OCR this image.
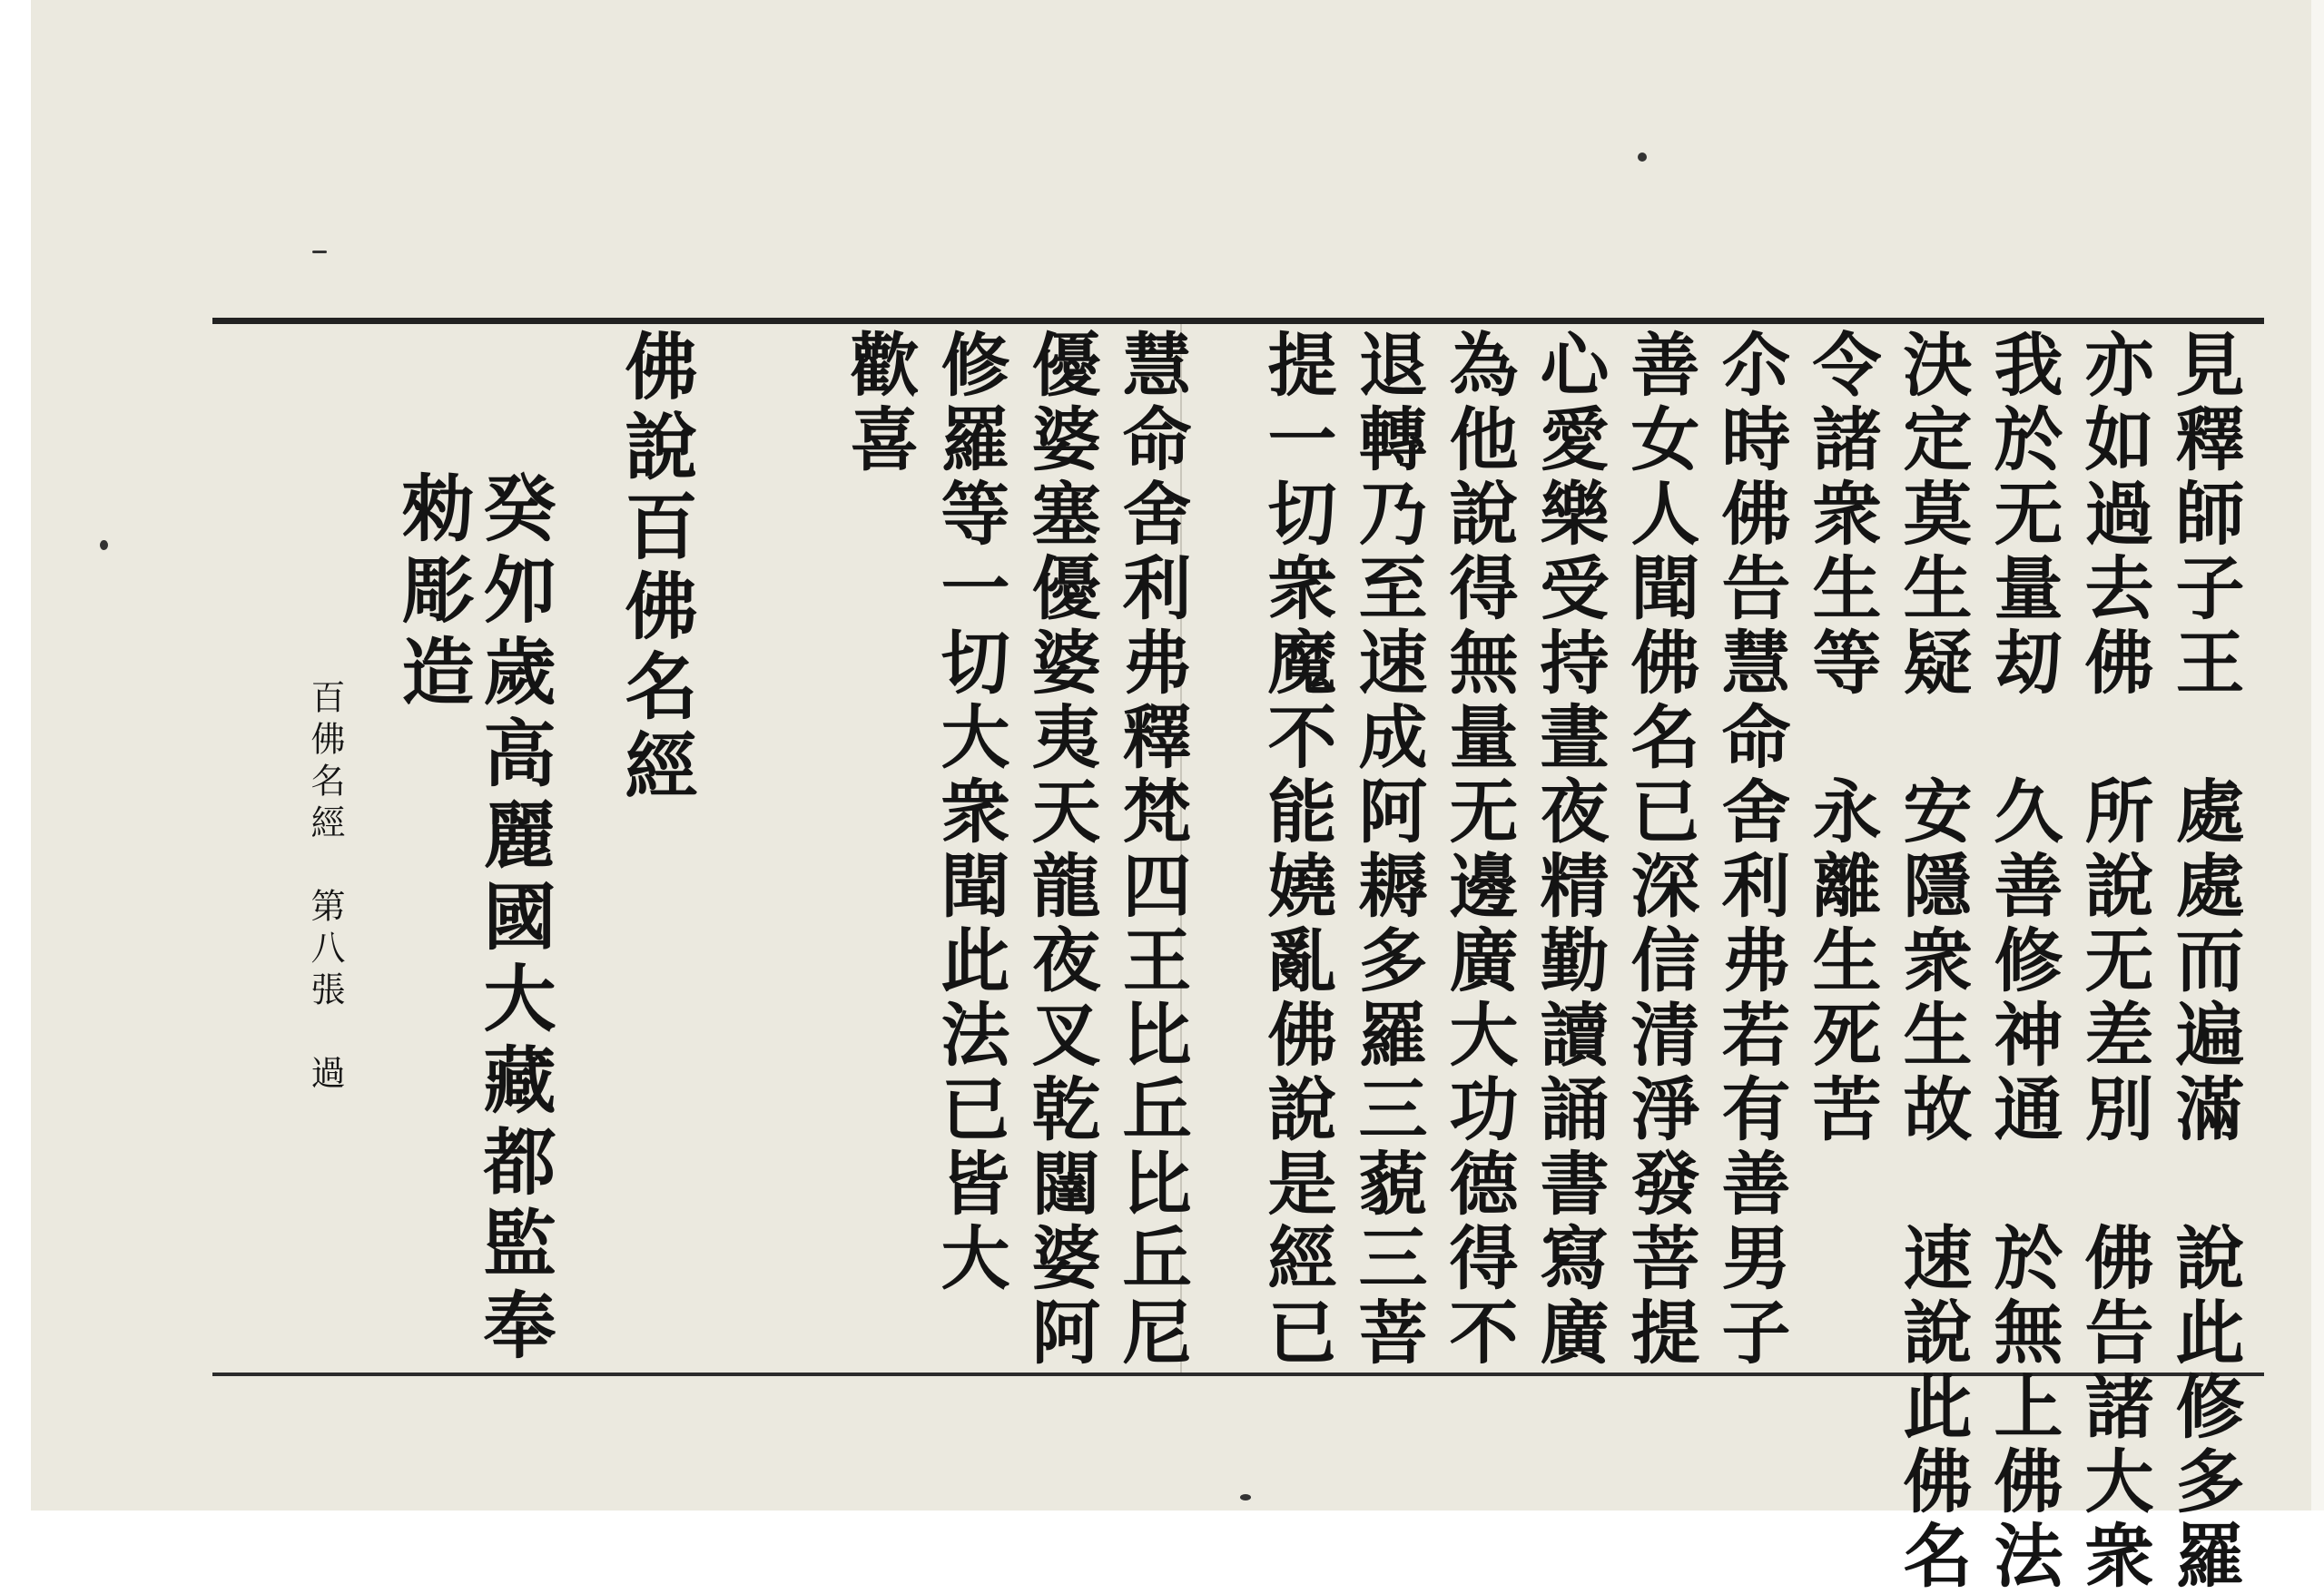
見釋師子王　處處而遍滿　說此修多羅
亦如過去佛　所說无差別　佛告諸大衆
我於无量刧　久善修神通　於無上佛法
決定莫生疑　安隱衆生故　速說此佛名
令諸衆生等　永離生死苦
尒時佛告慧命舍利弗若有善男子
善女人聞佛名已深信清淨發菩提
心愛樂受持晝夜精勤讀誦書寫廣
為他說得無量无邊廣大功德得不
退轉乃至速成阿耨多羅三藐三菩
提一切衆魔不能嬈亂佛說是經已
慧命舍利弗釋梵四王比丘比丘尼
優婆塞優婆夷天龍夜叉乾闥婆阿
修羅等一切大衆聞此法已皆大
歡喜
佛說百佛名經
癸夘歲高麗國大藏都監奉
勑彫造
百佛名經　第八張　過
